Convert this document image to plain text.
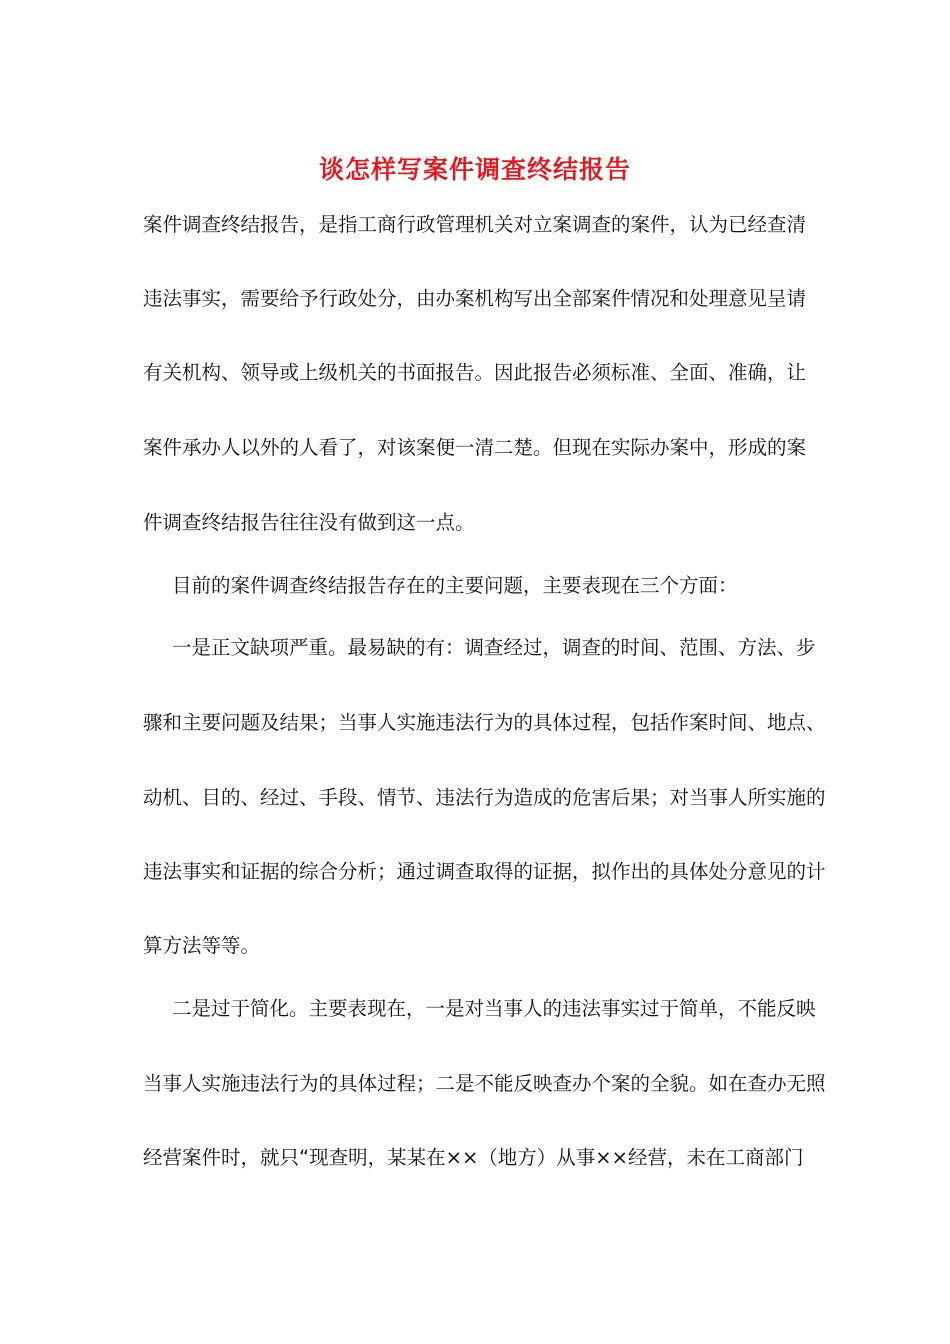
谈怎样写案件调查终结报告
案件调查终结报告，是指工商行政管理机关对立案调查的案件，认为已经查清
违法事实，需要给予行政处分，由办案机构写出全部案件情况和处理意见呈请
有关机构、领导或上级机关的书面报告。因此报告必须标准、全面、准确，让
案件承办人以外的人看了，对该案便一清二楚。但现在实际办案中，形成的案
件调查终结报告往往没有做到这一点。
目前的案件调查终结报告存在的主要问题，主要表现在三个方面：
一是正文缺项严重。最易缺的有：调查经过，调查的时间、范围、方法、步
骤和主要问题及结果；当事人实施违法行为的具体过程，包括作案时间、地点、
动机、目的、经过、手段、情节、违法行为造成的危害后果；对当事人所实施的
违法事实和证据的综合分析；通过调查取得的证据，拟作出的具体处分意见的计
算方法等等。
二是过于简化。主要表现在，一是对当事人的违法事实过于简单，不能反映
当事人实施违法行为的具体过程；二是不能反映查办个案的全貌。如在查办无照
经营案件时，就只“现查明，某某在××（地方）从事××经营，未在工商部门
